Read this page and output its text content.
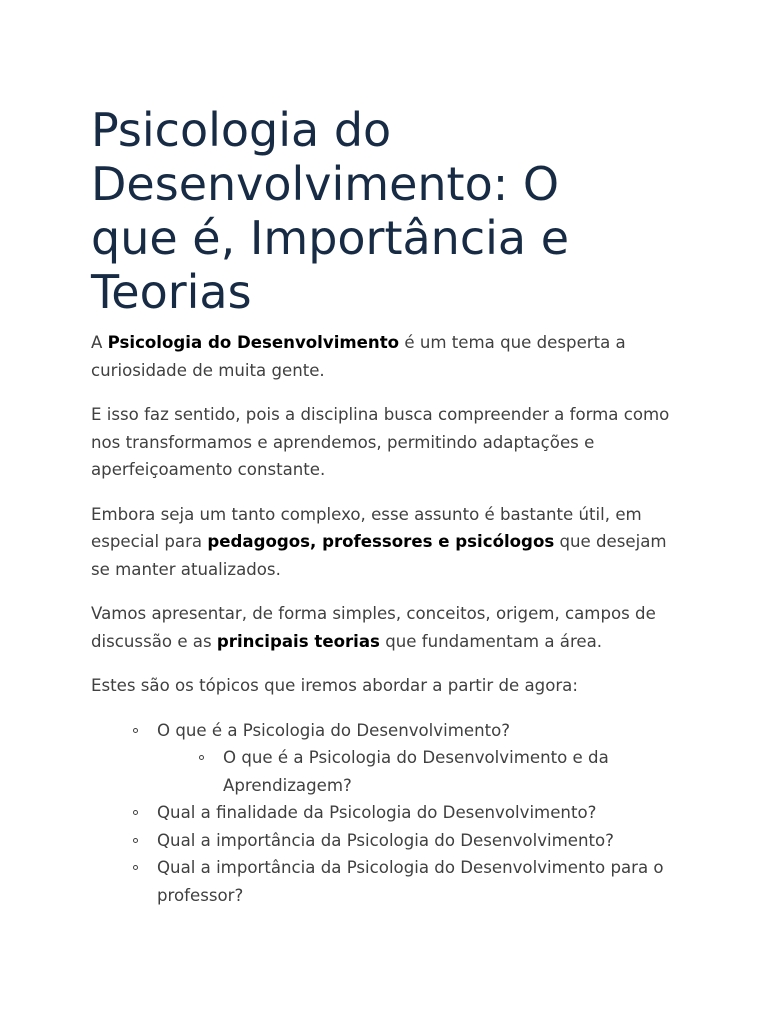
Psicologia do Desenvolvimento: O que é, Importância e Teorias

A Psicologia do Desenvolvimento é um tema que desperta a curiosidade de muita gente.

E isso faz sentido, pois a disciplina busca compreender a forma como nos transformamos e aprendemos, permitindo adaptações e aperfeiçoamento constante.

Embora seja um tanto complexo, esse assunto é bastante útil, em especial para pedagogos, professores e psicólogos que desejam se manter atualizados.

Vamos apresentar, de forma simples, conceitos, origem, campos de discussão e as principais teorias que fundamentam a área.

Estes são os tópicos que iremos abordar a partir de agora:

O que é a Psicologia do Desenvolvimento?
O que é a Psicologia do Desenvolvimento e da Aprendizagem?
Qual a finalidade da Psicologia do Desenvolvimento?
Qual a importância da Psicologia do Desenvolvimento?
Qual a importância da Psicologia do Desenvolvimento para o professor?
